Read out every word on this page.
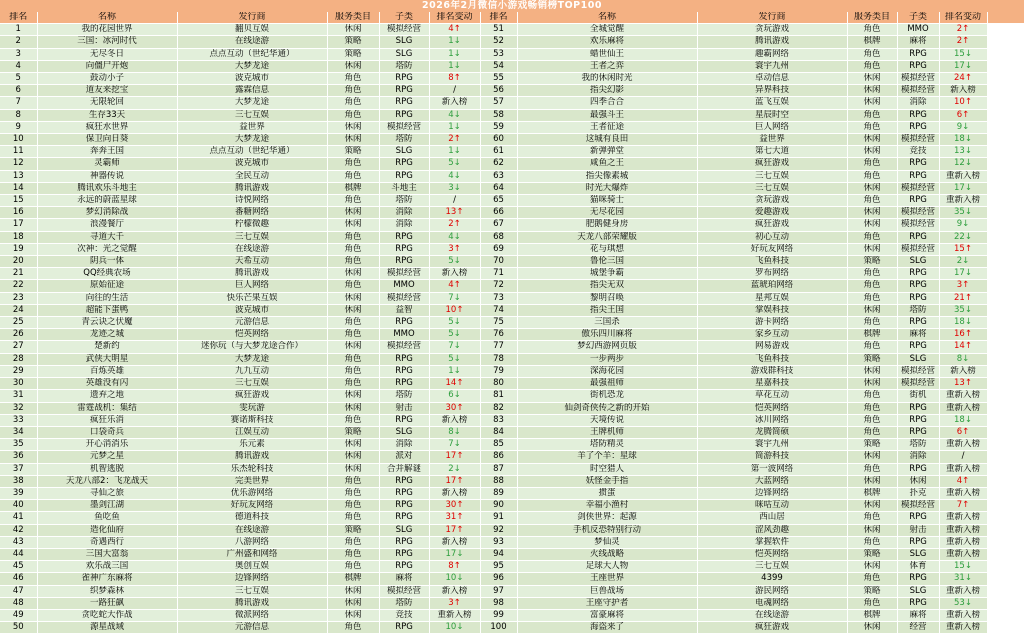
2026年2月微信小游戏畅销榜TOP100
排名	名称	发行商	服务类目	子类	排名变动	排名	名称	发行商	服务类目	子类	排名变动	
1	我的花园世界	翻贝互娱	休闲	模拟经营	4↑	51	全城觉醒	贪玩游戏	角色	MMO	2↑	
2	三国：冰河时代	在线途游	策略	SLG	1↓	52	欢乐麻将	腾讯游戏	棋牌	麻将	2↑	
3	无尽冬日	点点互动（世纪华通）	策略	SLG	1↓	53	蜡世仙王	趣霸网络	角色	RPG	15↓	
4	向僵尸开炮	大梦龙途	休闲	塔防	1↓	54	王者之弈	寰宇九州	角色	RPG	17↓	
5	鼓动小子	波克城市	角色	RPG	8↑	55	我的休闲时光	卓动信息	休闲	模拟经营	24↑	
6	道友来挖宝	露霖信息	角色	RPG	/	56	指尖幻影	异界科技	休闲	模拟经营	新入榜	
7	无限轮回	大梦龙途	角色	RPG	新入榜	57	四季合合	蓝飞互娱	休闲	消除	10↑	
8	生存33天	三七互娱	角色	RPG	4↓	58	最强斗王	星辰时空	角色	RPG	6↑	
9	疯狂水世界	益世界	休闲	模拟经营	1↓	59	王者征途	巨人网络	角色	RPG	9↓	
10	保卫向日葵	大梦龙途	休闲	塔防	2↑	60	这城有良田	益世界	休闲	模拟经营	18↓	
11	奔奔王国	点点互动（世纪华通）	策略	SLG	1↓	61	新弹弹堂	第七大道	休闲	竞技	13↓	
12	灵霸师	波克城市	角色	RPG	5↓	62	咸鱼之王	疯狂游戏	角色	RPG	12↓	
13	神器传说	全民互动	角色	RPG	4↓	63	指尖像素城	三七互娱	角色	RPG	重新入榜	
14	腾讯欢乐斗地主	腾讯游戏	棋牌	斗地主	3↓	64	时光大爆炸	三七互娱	休闲	模拟经营	17↓	
15	永远的蔚蓝星球	诗悦网络	角色	塔防	/	65	猫咪骑士	贪玩游戏	角色	RPG	重新入榜	
16	梦幻消除战	番糖网络	休闲	消除	13↑	66	无尽花园	爱趣游戏	休闲	模拟经营	35↓	
17	浪漫餐厅	柠檬微趣	休闲	消除	2↑	67	肥鹅健身房	疯狂游戏	休闲	模拟经营	9↓	
18	寻道大千	三七互娱	角色	RPG	4↓	68	天龙八部荣耀版	初心互动	角色	RPG	22↓	
19	次神：光之觉醒	在线途游	角色	RPG	3↑	69	花与琪想	好玩友网络	休闲	模拟经营	15↑	
20	阴兵一体	天希互动	角色	RPG	5↓	70	鲁伦三国	飞鱼科技	策略	SLG	2↓	
21	QQ经典农场	腾讯游戏	休闲	模拟经营	新入榜	71	城堡争霸	罗布网络	角色	RPG	17↓	
22	原始征途	巨人网络	角色	MMO	4↑	72	指尖无双	蓝琥珀网络	角色	RPG	3↑	
23	向往的生活	快乐芒果互娱	休闲	模拟经营	7↓	73	黎明召唤	星邦互娱	角色	RPG	21↑	
24	超能下蛋鸭	波克城市	休闲	益智	10↑	74	指尖王国	掌娱科技	休闲	塔防	35↓	
25	青云诀之伏魔	元游信息	角色	RPG	5↓	75	三国杀	游卡网络	角色	RPG	18↓	
26	龙迹之城	恺英网络	角色	MMO	5↓	76	傲乐四川麻将	家乡互动	棋牌	麻将	16↑	
27	楚新约	迷你玩（与大梦龙途合作）	休闲	模拟经营	7↓	77	梦幻西游网页版	网易游戏	角色	RPG	14↑	
28	武侠大明星	大梦龙途	角色	RPG	5↓	78	一步两步	飞鱼科技	策略	SLG	8↓	
29	百炼英雄	九九互动	角色	RPG	1↓	79	深海花园	游戏群科技	休闲	模拟经营	新入榜	
30	英雄没有闪	三七互娱	角色	RPG	14↑	80	最强祖师	星嘉科技	休闲	模拟经营	13↑	
31	遗弃之地	疯狂游戏	休闲	塔防	6↓	81	街机恐龙	草花互动	角色	街机	重新入榜	
32	雷霆战机：集结	雯玩游	休闲	射击	30↑	82	仙剑奇侠传之新的开始	恺英网络	角色	RPG	重新入榜	
33	疯狂乐消	赛诺斯科技	角色	RPG	新入榜	83	天境传说	冰川网络	角色	RPG	18↓	
34	口袋奇兵	江娱互动	策略	SLG	8↓	84	王牌机师	龙腾简硕	角色	RPG	6↑	
35	开心消消乐	乐元素	休闲	消除	7↓	85	塔防精灵	寰宇九州	策略	塔防	重新入榜	
36	元梦之星	腾讯游戏	休闲	派对	17↑	86	羊了个羊：星球	简游科技	休闲	消除	/	
37	机智逃脱	乐杰轮科技	休闲	合并解谜	2↓	87	时空猎人	第一波网络	角色	RPG	重新入榜	
38	天龙八部2：飞龙战天	完美世界	角色	RPG	17↑	88	妖怪金手指	大蓝网络	休闲	休闲	4↑	
39	寻仙之旅	优乐游网络	角色	RPG	新入榜	89	掼蛋	边锋网络	棋牌	扑克	重新入榜	
40	墨剑江湖	好玩友网络	角色	RPG	30↑	90	幸福小渔村	咪咕互动	休闲	模拟经营	7↑	
41	鱼吃鱼	德道科技	角色	RPG	31↑	91	剑侠世界：起源	西山居	角色	RPG	重新入榜	
42	造化仙府	在线途游	策略	SLG	17↑	92	手机反恐特别行动	涩风劲趣	休闲	射击	重新入榜	
43	奇遇西行	八游网络	角色	RPG	新入榜	93	梦仙灵	掌握软件	角色	RPG	重新入榜	
44	三国大富翁	广州盛和网络	角色	RPG	17↓	94	火线战略	恺英网络	策略	SLG	重新入榜	
45	欢乐战三国	奥创互娱	角色	RPG	8↑	95	足球大人物	三七互娱	休闲	体育	15↓	
46	雀神广东麻将	边锋网络	棋牌	麻将	10↓	96	王座世界	4399	角色	RPG	31↓	
47	织梦森林	三七互娱	休闲	模拟经营	新入榜	97	巨兽战场	游民网络	策略	SLG	重新入榜	
48	一路狂飙	腾讯游戏	休闲	塔防	3↑	98	王座守护者	电魂网络	角色	RPG	53↓	
49	贪吃蛇大作战	微派网络	休闲	竞技	重新入榜	99	富豪麻将	在线途游	棋牌	麻将	重新入榜	
50	源星战域	元游信息	角色	RPG	10↓	100	海盗来了	疯狂游戏	休闲	经营	重新入榜	
